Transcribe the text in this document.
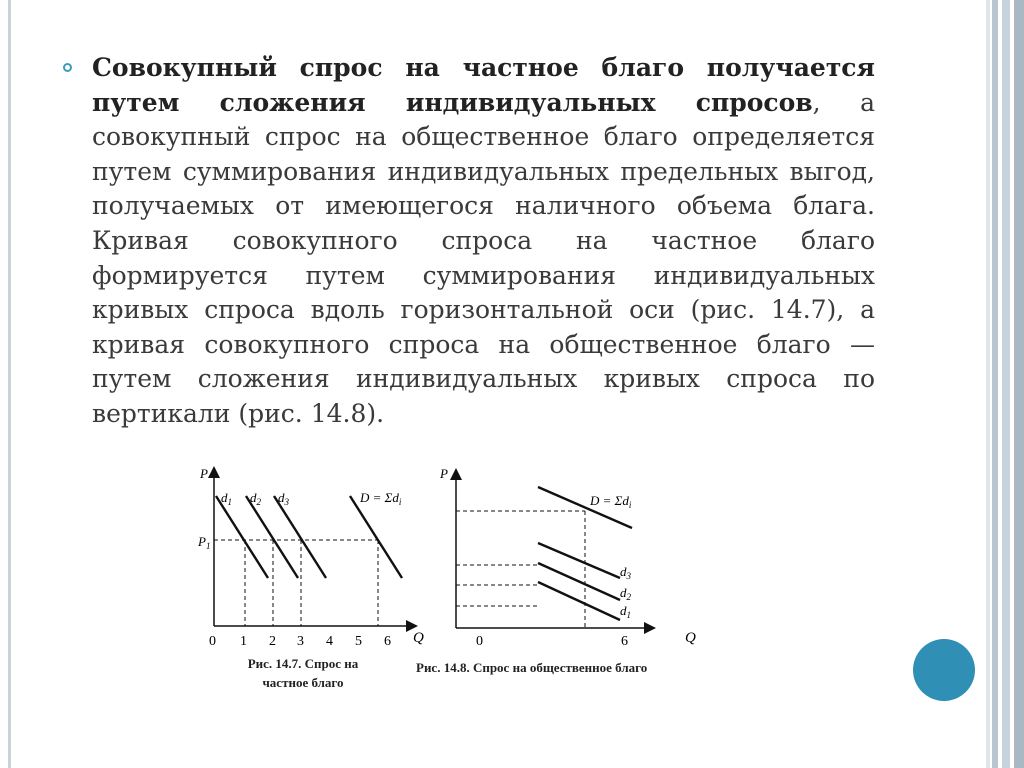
Совокупный спрос на частное благо получается путем сложения индивидуальных спросов, а совокупный спрос на общественное благо определяется путем суммирования индивидуальных предельных выгод, получаемых от имеющегося наличного объема блага. Кривая совокупного спроса на частное благо формируется путем суммирования индивидуальных кривых спроса вдоль горизонтальной оси (рис. 14.7), а кривая совокупного спроса на общественное благо — путем сложения индивидуальных кривых спроса по вертикали (рис. 14.8).
P
Q
$P_1$
$d_1$ $d_2$ $d_3$	$D = \Sigma d_i$
0 1 2 3 4 5 6
P
Q
$D = \Sigma d_i$
$d_3$
$d_2$
$d_1$
0	6
Рис. 14.7. Спрос на
частное благо
Рис. 14.8. Спрос на общественное благо
